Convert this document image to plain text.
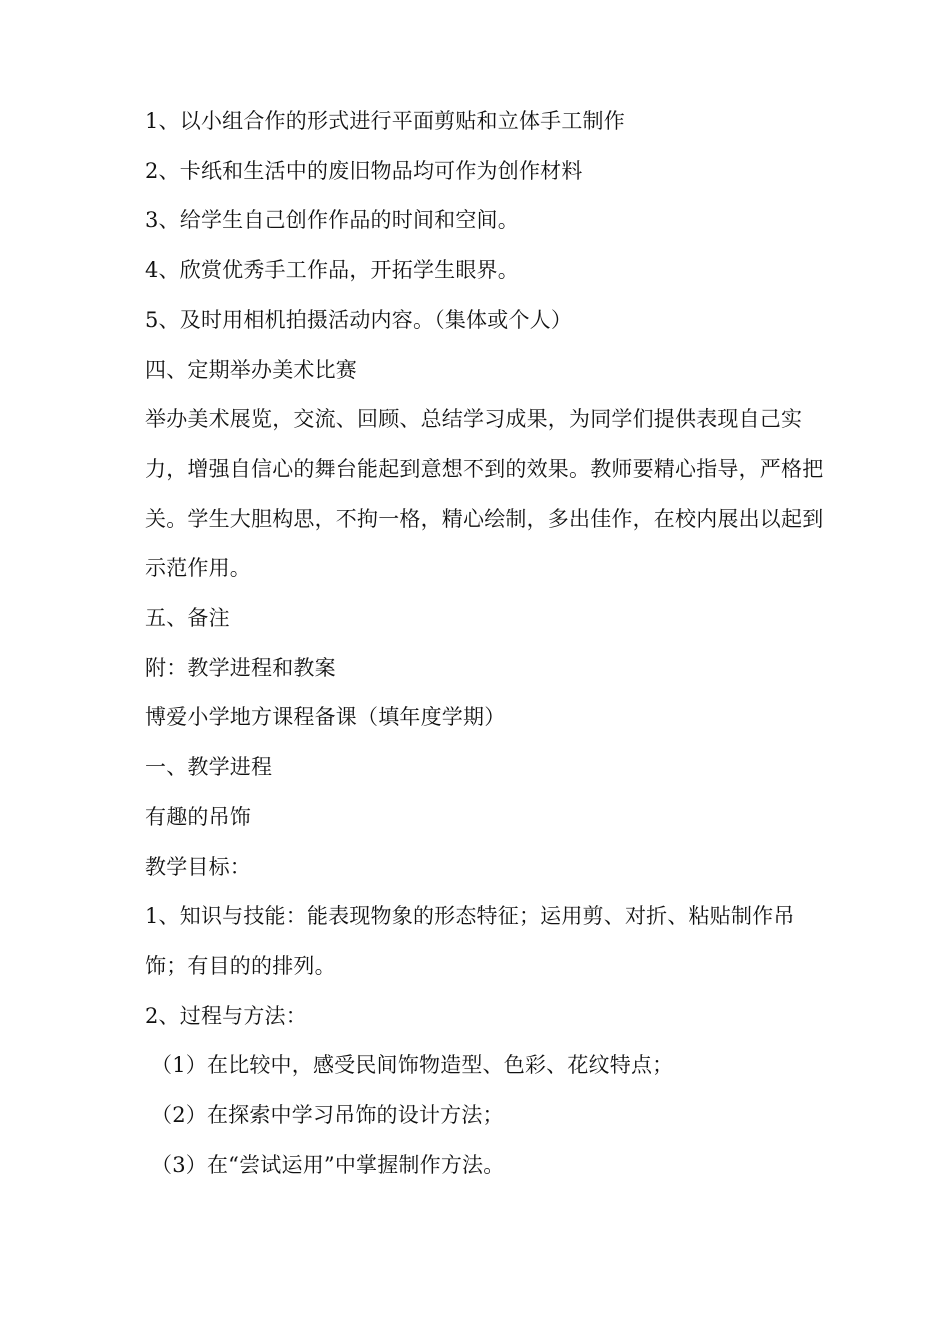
1、以小组合作的形式进行平面剪贴和立体手工制作

2、卡纸和生活中的废旧物品均可作为创作材料

3、给学生自己创作作品的时间和空间。

4、欣赏优秀手工作品，开拓学生眼界。

5、及时用相机拍摄活动内容。（集体或个人）

四、定期举办美术比赛

举办美术展览，交流、回顾、总结学习成果，为同学们提供表现自己实力，增强自信心的舞台能起到意想不到的效果。教师要精心指导，严格把关。学生大胆构思，不拘一格，精心绘制，多出佳作，在校内展出以起到示范作用。

五、备注

附：教学进程和教案

博爱小学地方课程备课（填年度学期）

一、教学进程

有趣的吊饰

教学目标：

1、知识与技能：能表现物象的形态特征；运用剪、对折、粘贴制作吊饰；有目的的排列。

2、过程与方法：

（1）在比较中，感受民间饰物造型、色彩、花纹特点；

（2）在探索中学习吊饰的设计方法；

（3）在“尝试运用”中掌握制作方法。
